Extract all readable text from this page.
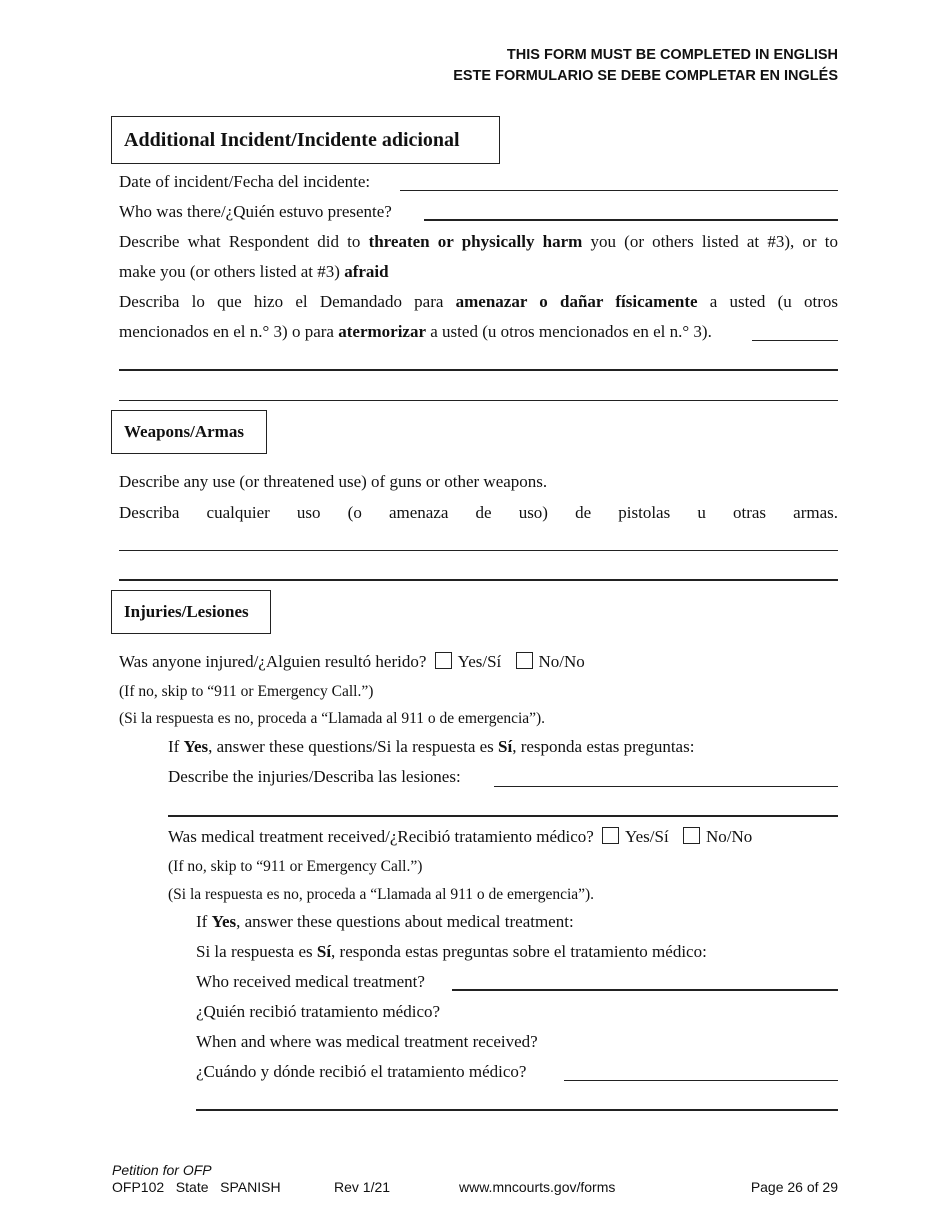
THIS FORM MUST BE COMPLETED IN ENGLISH
ESTE FORMULARIO SE DEBE COMPLETAR EN INGLÉS
Additional Incident/Incidente adicional
Date of incident/Fecha del incidente:
Who was there/¿Quién estuvo presente?
Describe what Respondent did to threaten or physically harm you (or others listed at #3), or to
make you (or others listed at #3) afraid
Describa lo que hizo el Demandado para amenazar o dañar físicamente a usted (u otros
mencionados en el n.° 3) o para atermorizar a usted (u otros mencionados en el n.° 3).
Weapons/Armas
Describe any use (or threatened use) of guns or other weapons.
Describa cualquier uso (o amenaza de uso) de pistolas u otras armas.
Injuries/Lesiones
Was anyone injured/¿Alguien resultó herido? Yes/Sí No/No
(If no, skip to “911 or Emergency Call.”)
(Si la respuesta es no, proceda a “Llamada al 911 o de emergencia”).
If Yes, answer these questions/Si la respuesta es Sí, responda estas preguntas:
Describe the injuries/Describa las lesiones:
Was medical treatment received/¿Recibió tratamiento médico? Yes/Sí No/No
(If no, skip to “911 or Emergency Call.”)
(Si la respuesta es no, proceda a “Llamada al 911 o de emergencia”).
If Yes, answer these questions about medical treatment:
Si la respuesta es Sí, responda estas preguntas sobre el tratamiento médico:
Who received medical treatment?
¿Quién recibió tratamiento médico?
When and where was medical treatment received?
¿Cuándo y dónde recibió el tratamiento médico?
Petition for OFP
OFP102   State   SPANISH	Rev 1/21	www.mncourts.gov/forms	Page 26 of 29
